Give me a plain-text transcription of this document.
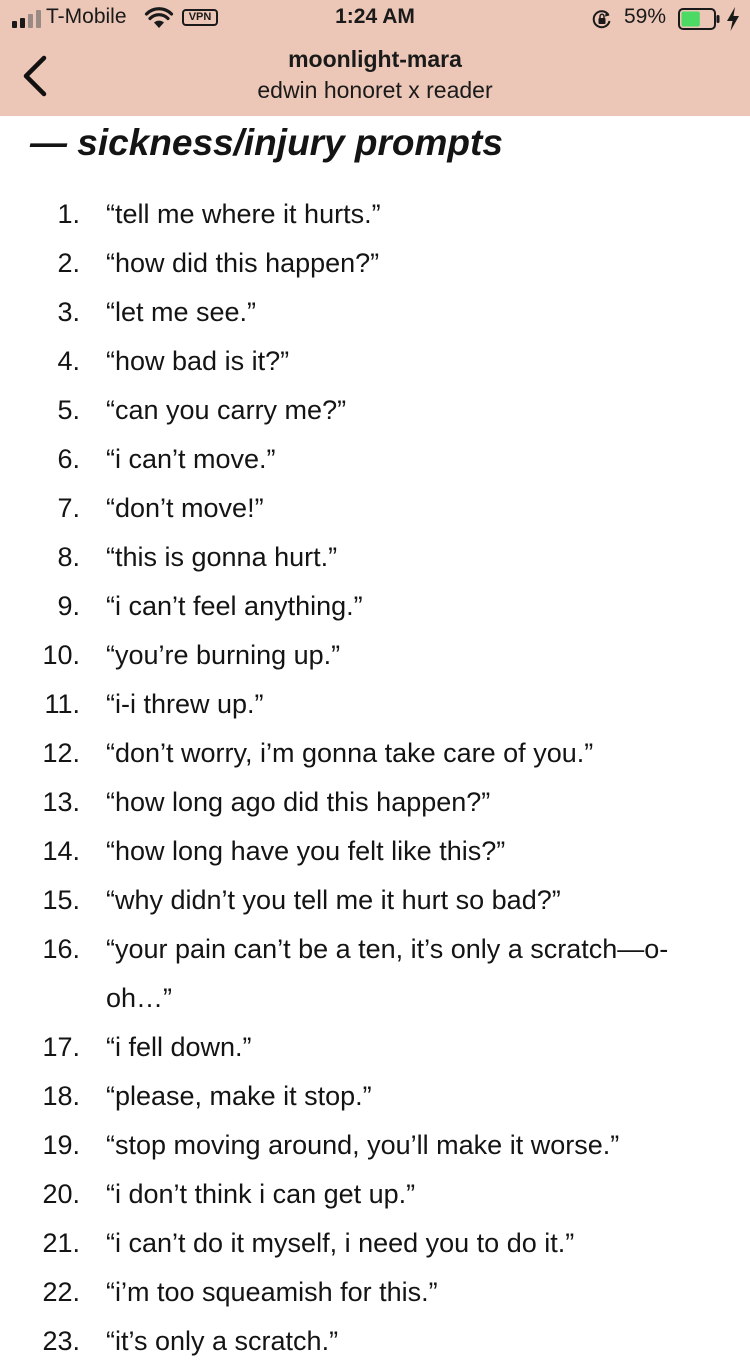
T-Mobile	VPN	1:24 AM	59%
moonlight-mara
edwin honoret x reader
— sickness/injury prompts
1. “tell me where it hurts.”
2. “how did this happen?”
3. “let me see.”
4. “how bad is it?”
5. “can you carry me?”
6. “i can’t move.”
7. “don’t move!”
8. “this is gonna hurt.”
9. “i can’t feel anything.”
10. “you’re burning up.”
11. “i-i threw up.”
12. “don’t worry, i’m gonna take care of you.”
13. “how long ago did this happen?”
14. “how long have you felt like this?”
15. “why didn’t you tell me it hurt so bad?”
16. “your pain can’t be a ten, it’s only a scratch—o-oh…”
17. “i fell down.”
18. “please, make it stop.”
19. “stop moving around, you’ll make it worse.”
20. “i don’t think i can get up.”
21. “i can’t do it myself, i need you to do it.”
22. “i’m too squeamish for this.”
23. “it’s only a scratch.”
